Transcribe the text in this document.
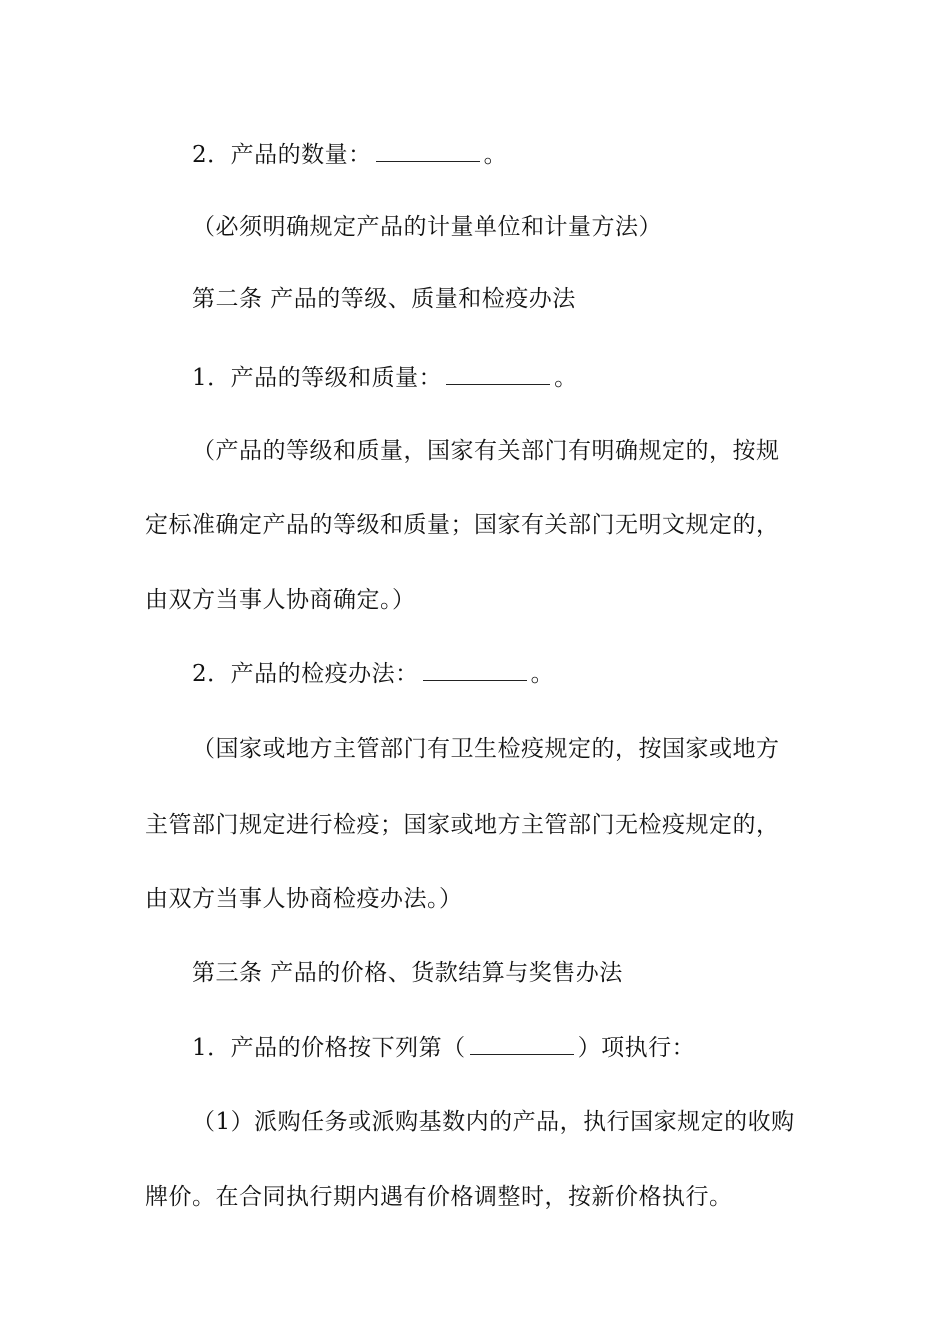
2．产品的数量：	。
（必须明确规定产品的计量单位和计量方法）
第二条 产品的等级、质量和检疫办法
1．产品的等级和质量：	。
（产品的等级和质量，国家有关部门有明确规定的，按规
定标准确定产品的等级和质量；国家有关部门无明文规定的，
由双方当事人协商确定。）
2．产品的检疫办法：	。
（国家或地方主管部门有卫生检疫规定的，按国家或地方
主管部门规定进行检疫；国家或地方主管部门无检疫规定的，
由双方当事人协商检疫办法。）
第三条 产品的价格、货款结算与奖售办法
1．产品的价格按下列第（	）项执行：
（1）派购任务或派购基数内的产品，执行国家规定的收购
牌价。在合同执行期内遇有价格调整时，按新价格执行。
